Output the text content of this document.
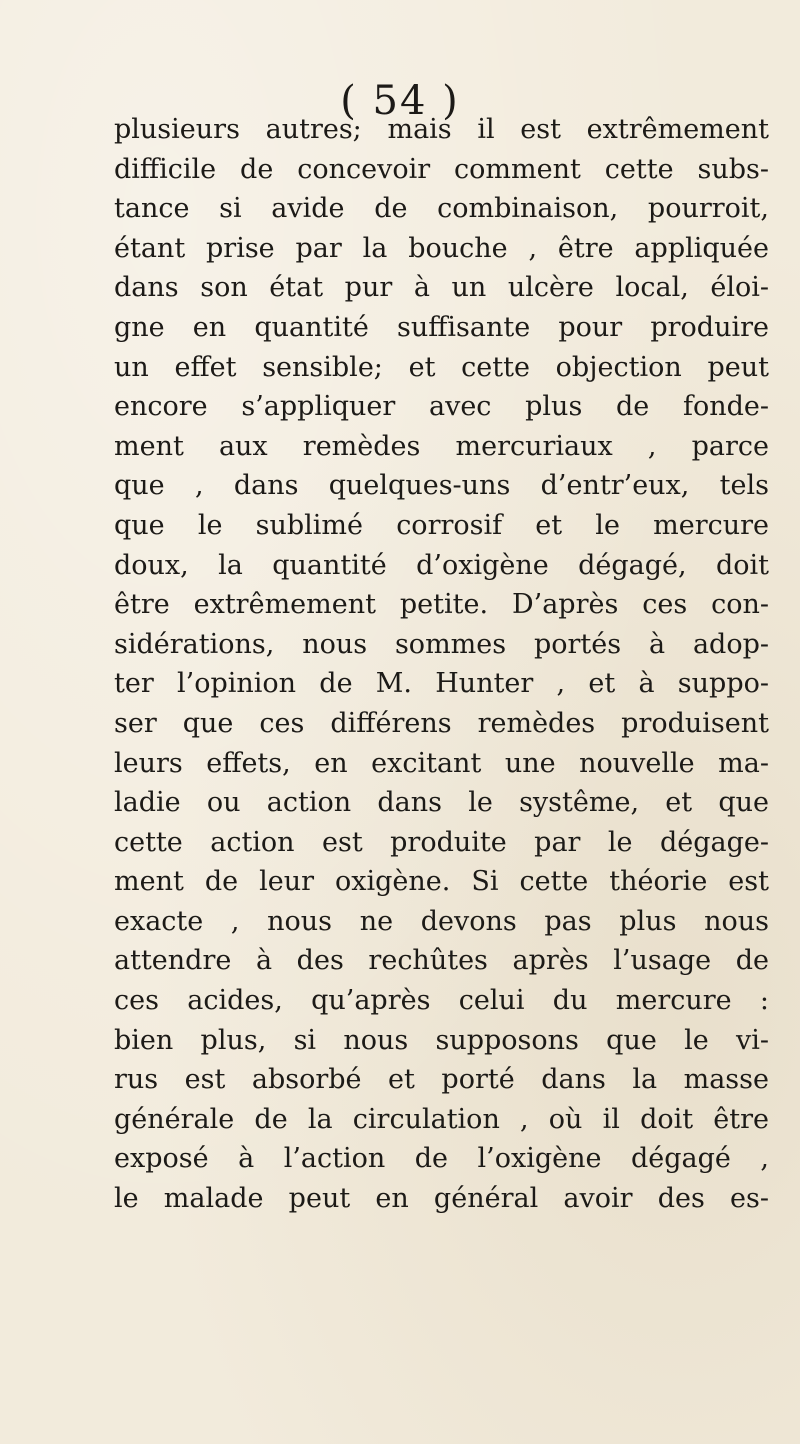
( 54 )
plusieurs autres; mais il est extrêmement
difficile de concevoir comment cette subs-
tance si avide de combinaison, pourroit,
étant prise par la bouche , être appliquée
dans son état pur à un ulcère local, éloi-
gne en quantité suffisante pour produire
un effet sensible; et cette objection peut
encore s’appliquer avec plus de fonde-
ment aux remèdes mercuriaux , parce
que , dans quelques-uns d’entr’eux, tels
que le sublimé corrosif et le mercure
doux, la quantité d’oxigène dégagé, doit
être extrêmement petite. D’après ces con-
sidérations, nous sommes portés à adop-
ter l’opinion de M. Hunter , et à suppo-
ser que ces différens remèdes produisent
leurs effets, en excitant une nouvelle ma-
ladie ou action dans le systême, et que
cette action est produite par le dégage-
ment de leur oxigène. Si cette théorie est
exacte , nous ne devons pas plus nous
attendre à des rechûtes après l’usage de
ces acides, qu’après celui du mercure :
bien plus, si nous supposons que le vi-
rus est absorbé et porté dans la masse
générale de la circulation , où il doit être
exposé à l’action de l’oxigène dégagé ,
le malade peut en général avoir des es-
